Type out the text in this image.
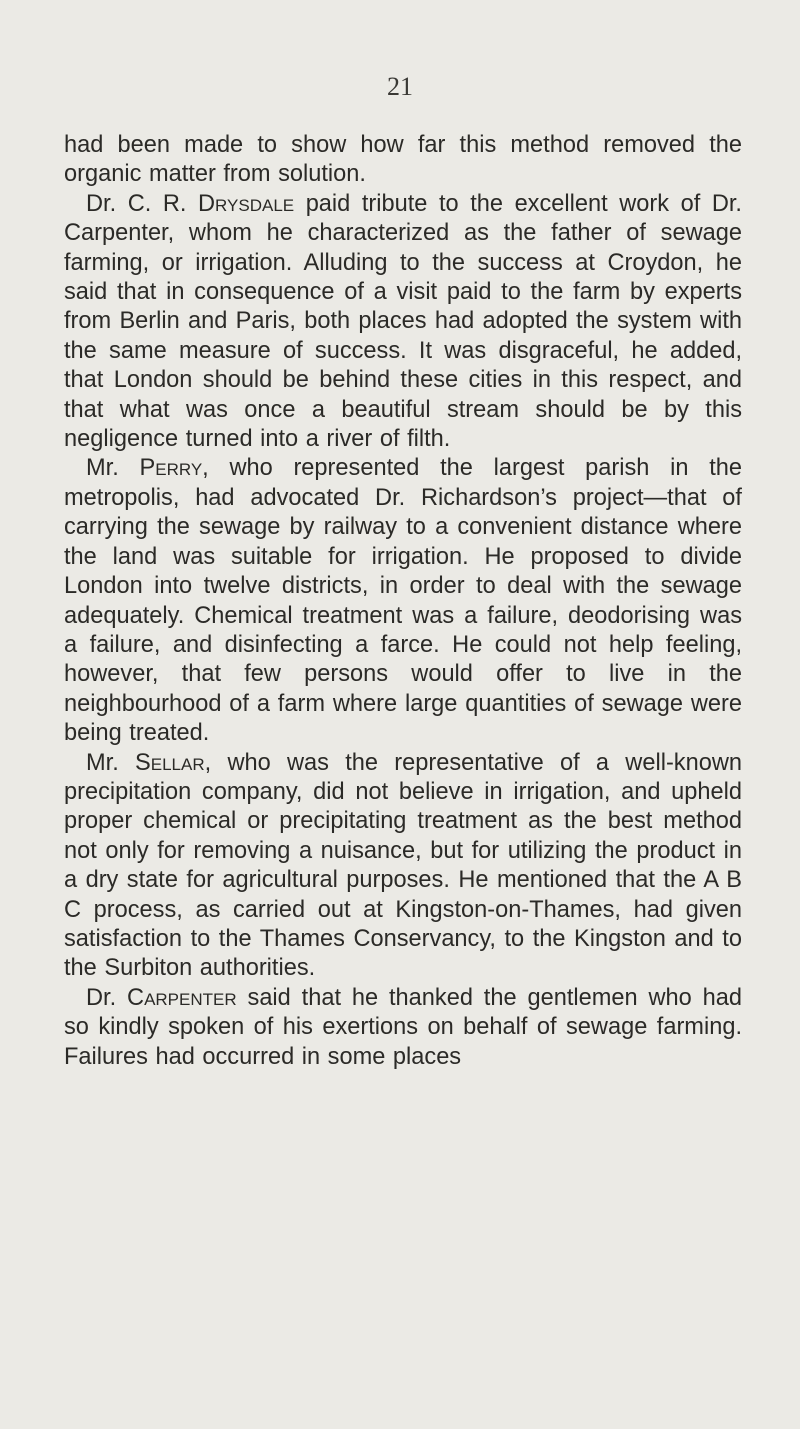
21

had been made to show how far this method removed the organic matter from solution.

Dr. C. R. Drysdale paid tribute to the excellent work of Dr. Carpenter, whom he characterized as the father of sewage farming, or irrigation. Alluding to the success at Croydon, he said that in consequence of a visit paid to the farm by experts from Berlin and Paris, both places had adopted the system with the same measure of success. It was disgraceful, he added, that London should be behind these cities in this respect, and that what was once a beautiful stream should be by this negligence turned into a river of filth.

Mr. Perry, who represented the largest parish in the metropolis, had advocated Dr. Richardson’s project—that of carrying the sewage by railway to a convenient distance where the land was suitable for irrigation. He proposed to divide London into twelve districts, in order to deal with the sewage adequately. Chemical treatment was a failure, deodorising was a failure, and disinfecting a farce. He could not help feeling, however, that few persons would offer to live in the neighbourhood of a farm where large quantities of sewage were being treated.

Mr. Sellar, who was the representative of a well-known precipitation company, did not believe in irrigation, and upheld proper chemical or precipitating treatment as the best method not only for removing a nuisance, but for utilizing the product in a dry state for agricultural purposes. He mentioned that the A B C process, as carried out at Kingston-on-Thames, had given satisfaction to the Thames Conservancy, to the Kingston and to the Surbiton authorities.

Dr. Carpenter said that he thanked the gentlemen who had so kindly spoken of his exertions on behalf of sewage farming. Failures had occurred in some places
